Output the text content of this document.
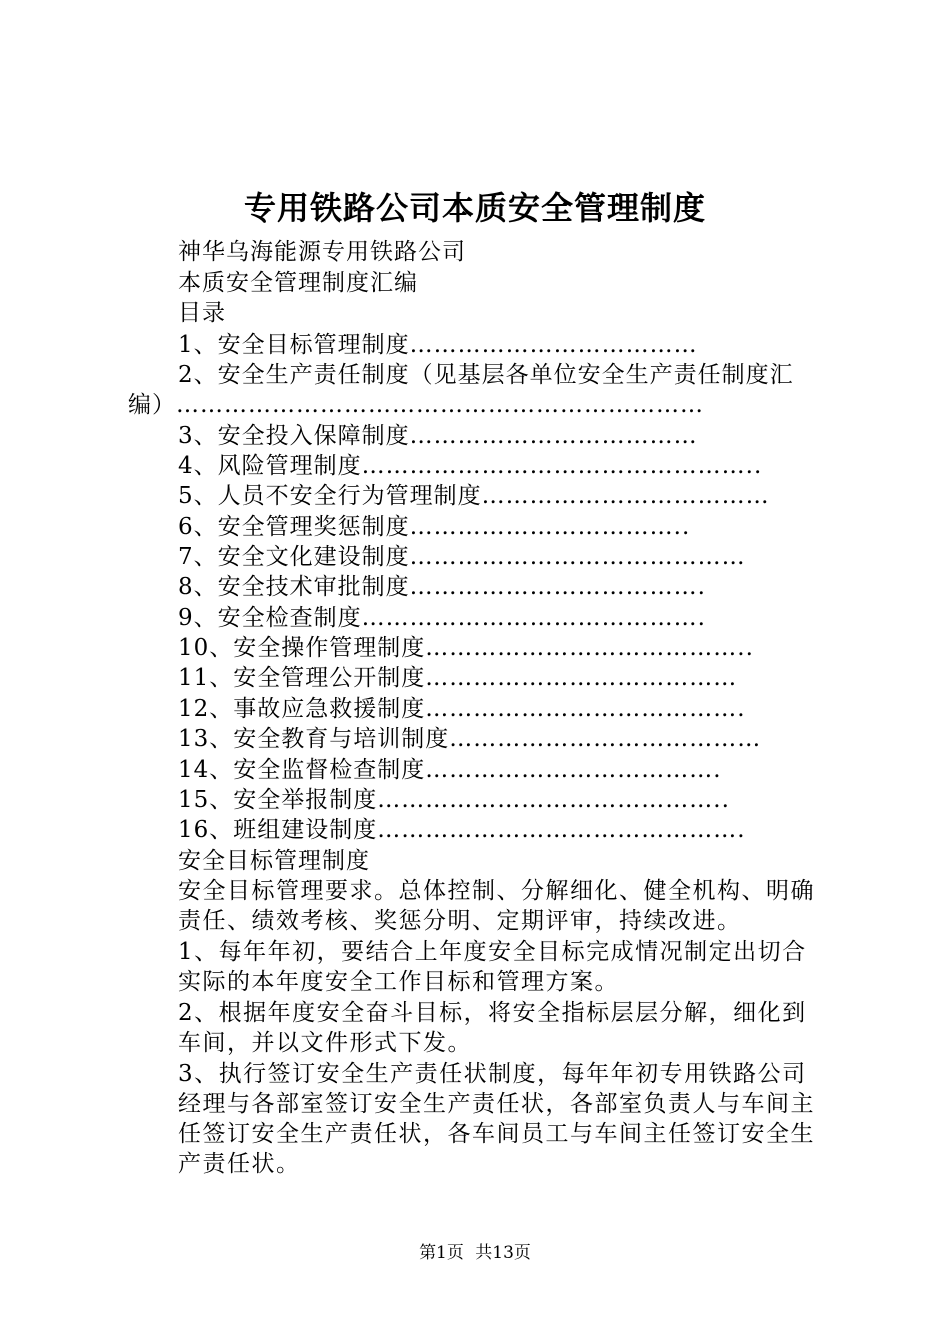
专用铁路公司本质安全管理制度
神华乌海能源专用铁路公司
本质安全管理制度汇编
目录
1、安全目标管理制度………………………………
2、安全生产责任制度（见基层各单位安全生产责任制度汇
编）…………………………………………………………
3、安全投入保障制度………………………………
4、风险管理制度…………………………………………..
5、人员不安全行为管理制度………………………………
6、安全管理奖惩制度……………………………..
7、安全文化建设制度……………………………………
8、安全技术审批制度……………………………….
9、安全检查制度…………………………………….
10、安全操作管理制度…………………………………..
11、安全管理公开制度…………………………………
12、事故应急救援制度………………………………….
13、安全教育与培训制度…………………………………
14、安全监督检查制度……………………………….
15、安全举报制度……………………………………..
16、班组建设制度……………………………………….
安全目标管理制度
安全目标管理要求。总体控制、分解细化、健全机构、明确责任、绩效考核、奖惩分明、定期评审，持续改进。
1、每年年初，要结合上年度安全目标完成情况制定出切合实际的本年度安全工作目标和管理方案。
2、根据年度安全奋斗目标，将安全指标层层分解，细化到车间，并以文件形式下发。
3、执行签订安全生产责任状制度，每年年初专用铁路公司经理与各部室签订安全生产责任状，各部室负责人与车间主任签订安全生产责任状，各车间员工与车间主任签订安全生产责任状。
第1页 共13页
